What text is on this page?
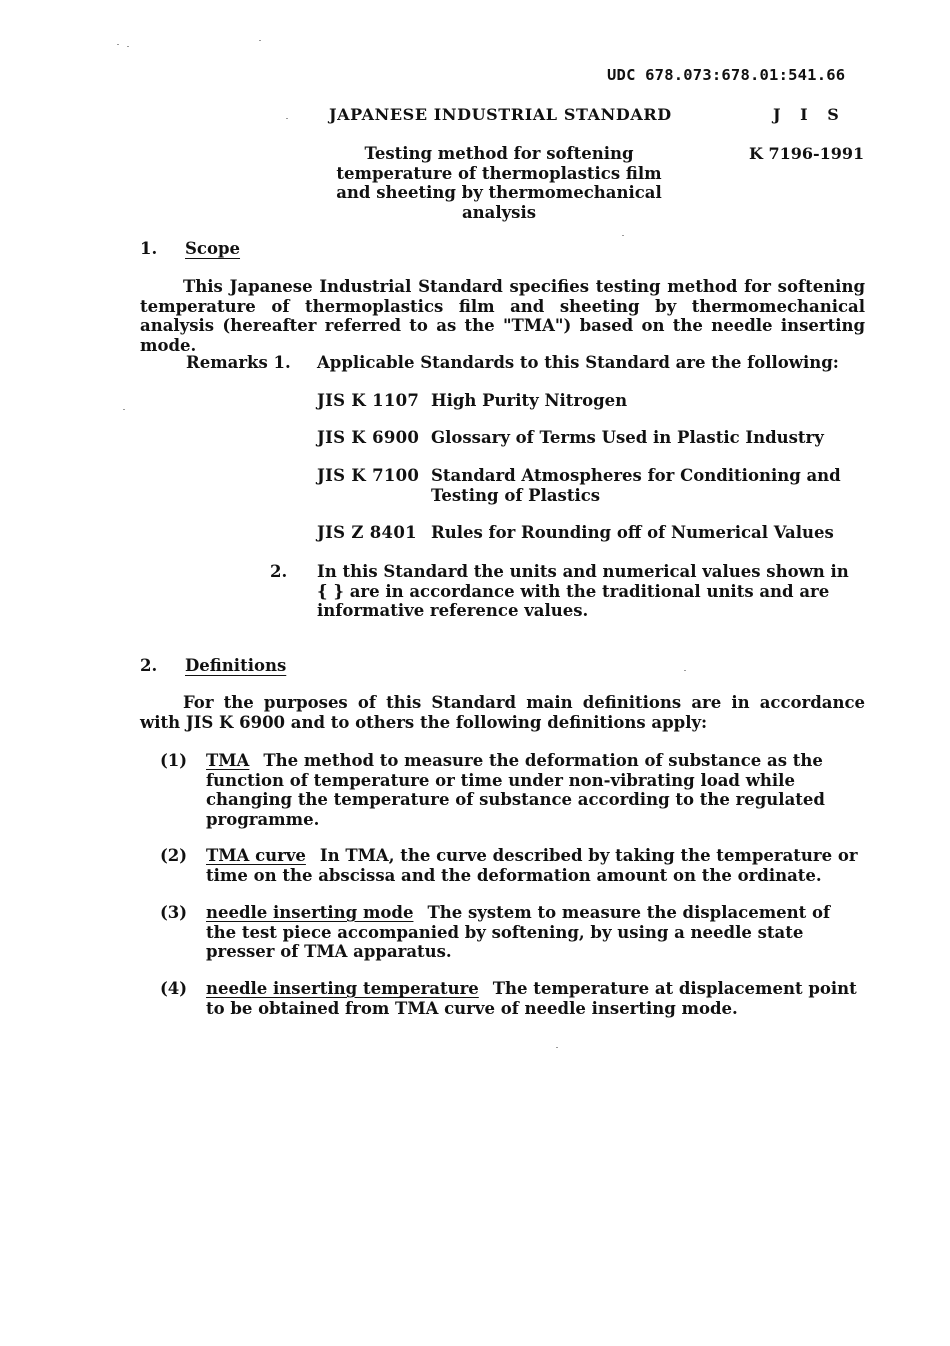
UDC 678.073:678.01:541.66
JAPANESE INDUSTRIAL STANDARD	J I S
Testing method for softening temperature of thermoplastics film and sheeting by thermomechanical analysis
K 7196-1991
1. Scope
This Japanese Industrial Standard specifies testing method for softening temperature of thermoplastics film and sheeting by thermomechanical analysis (hereafter referred to as the "TMA") based on the needle inserting mode.
Remarks 1. Applicable Standards to this Standard are the following:
JIS K 1107 High Purity Nitrogen
JIS K 6900 Glossary of Terms Used in Plastic Industry
JIS K 7100 Standard Atmospheres for Conditioning and Testing of Plastics
JIS Z 8401 Rules for Rounding off of Numerical Values
2. In this Standard the units and numerical values shown in { } are in accordance with the traditional units and are informative reference values.
2. Definitions
For the purposes of this Standard main definitions are in accordance with JIS K 6900 and to others the following definitions apply:
(1) TMA The method to measure the deformation of substance as the function of temperature or time under non-vibrating load while changing the temperature of substance according to the regulated programme.
(2) TMA curve In TMA, the curve described by taking the temperature or time on the abscissa and the deformation amount on the ordinate.
(3) needle inserting mode The system to measure the displacement of the test piece accompanied by softening, by using a needle state presser of TMA apparatus.
(4) needle inserting temperature The temperature at displacement point to be obtained from TMA curve of needle inserting mode.
